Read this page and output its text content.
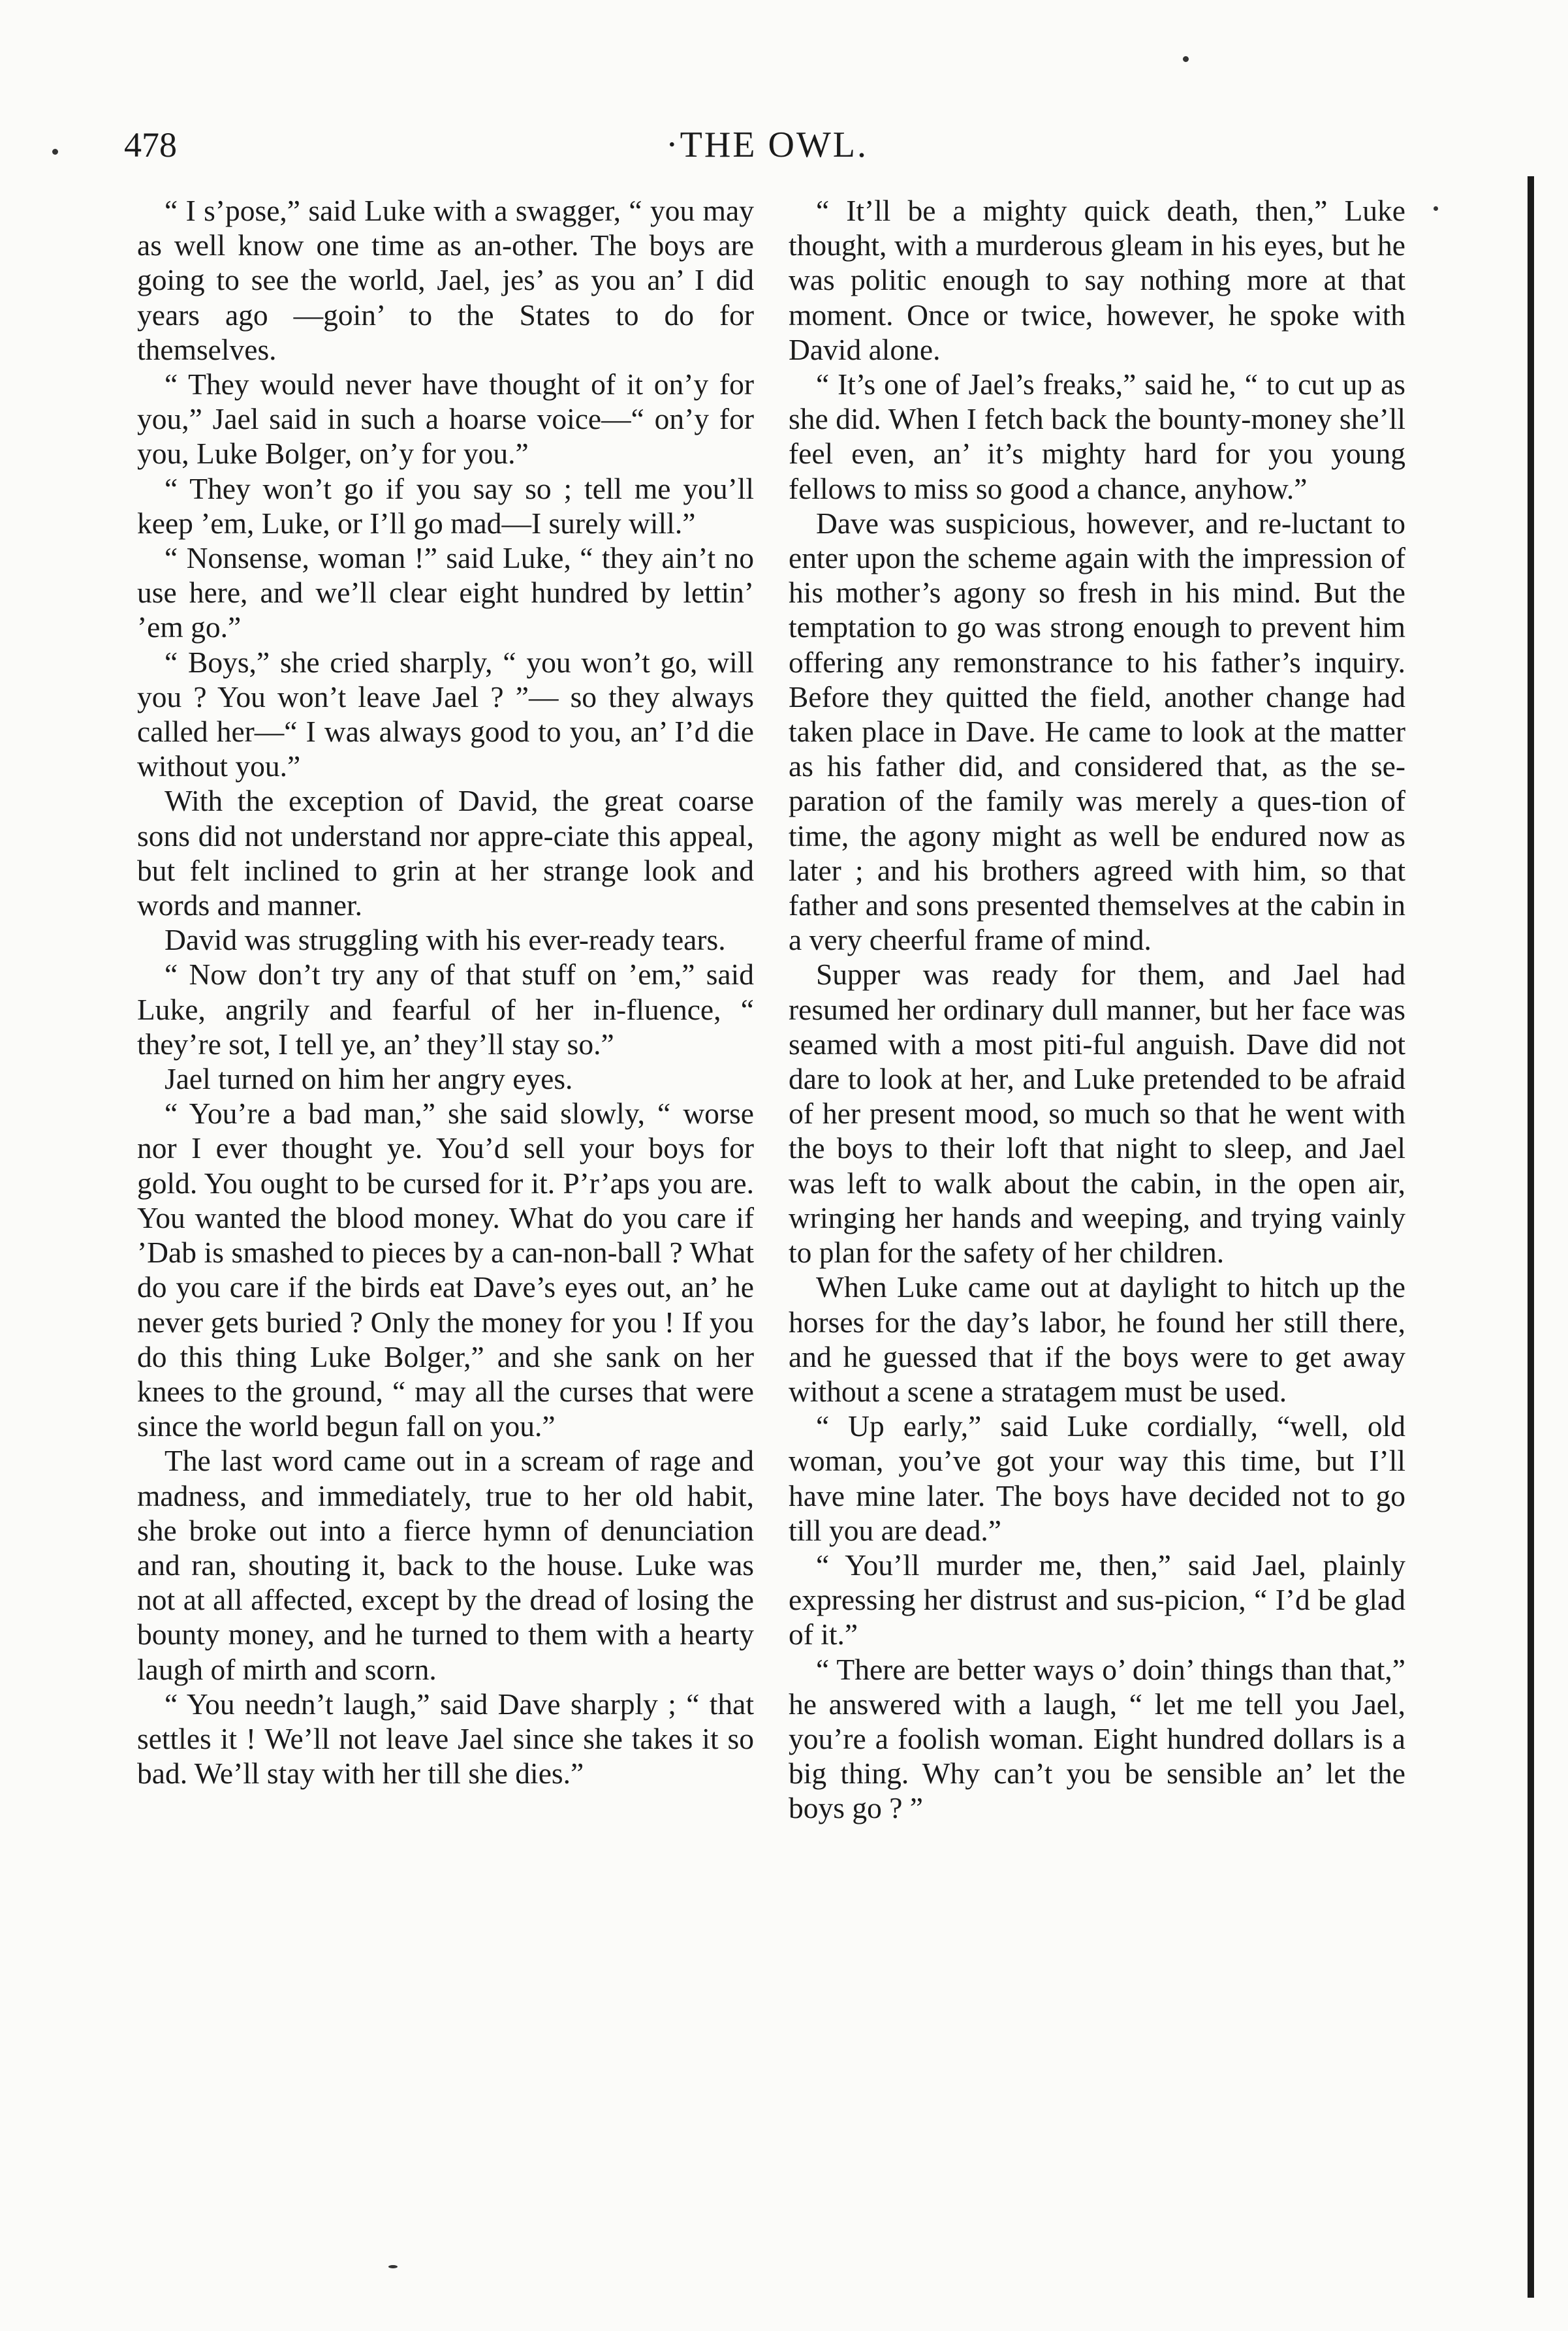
478	·THE OWL.

“ I s’pose,” said Luke with a swagger, “ you may as well know one time as an-other. The boys are going to see the world, Jael, jes’ as you an’ I did years ago —goin’ to the States to do for themselves.

“ They would never have thought of it on’y for you,” Jael said in such a hoarse voice—“ on’y for you, Luke Bolger, on’y for you.”

“ They won’t go if you say so ; tell me you’ll keep ’em, Luke, or I’ll go mad—I surely will.”

“ Nonsense, woman !” said Luke, “ they ain’t no use here, and we’ll clear eight hundred by lettin’ ’em go.”

“ Boys,” she cried sharply, “ you won’t go, will you ? You won’t leave Jael ? ”— so they always called her—“ I was always good to you, an’ I’d die without you.”

With the exception of David, the great coarse sons did not understand nor appre-ciate this appeal, but felt inclined to grin at her strange look and words and manner.

David was struggling with his ever-ready tears.

“ Now don’t try any of that stuff on ’em,” said Luke, angrily and fearful of her in-fluence, “ they’re sot, I tell ye, an’ they’ll stay so.”

Jael turned on him her angry eyes.

“ You’re a bad man,” she said slowly, “ worse nor I ever thought ye. You’d sell your boys for gold. You ought to be cursed for it. P’r’aps you are. You wanted the blood money. What do you care if ’Dab is smashed to pieces by a can-non-ball ? What do you care if the birds eat Dave’s eyes out, an’ he never gets buried ? Only the money for you ! If you do this thing Luke Bolger,” and she sank on her knees to the ground, “ may all the curses that were since the world begun fall on you.”

The last word came out in a scream of rage and madness, and immediately, true to her old habit, she broke out into a fierce hymn of denunciation and ran, shouting it, back to the house. Luke was not at all affected, except by the dread of losing the bounty money, and he turned to them with a hearty laugh of mirth and scorn.

“ You needn’t laugh,” said Dave sharply ; “ that settles it ! We’ll not leave Jael since she takes it so bad. We’ll stay with her till she dies.”

“ It’ll be a mighty quick death, then,” Luke thought, with a murderous gleam in his eyes, but he was politic enough to say nothing more at that moment. Once or twice, however, he spoke with David alone.

“ It’s one of Jael’s freaks,” said he, “ to cut up as she did. When I fetch back the bounty-money she’ll feel even, an’ it’s mighty hard for you young fellows to miss so good a chance, anyhow.”

Dave was suspicious, however, and re-luctant to enter upon the scheme again with the impression of his mother’s agony so fresh in his mind. But the temptation to go was strong enough to prevent him offering any remonstrance to his father’s inquiry. Before they quitted the field, another change had taken place in Dave. He came to look at the matter as his father did, and considered that, as the se-paration of the family was merely a ques-tion of time, the agony might as well be endured now as later ; and his brothers agreed with him, so that father and sons presented themselves at the cabin in a very cheerful frame of mind.

Supper was ready for them, and Jael had resumed her ordinary dull manner, but her face was seamed with a most piti-ful anguish. Dave did not dare to look at her, and Luke pretended to be afraid of her present mood, so much so that he went with the boys to their loft that night to sleep, and Jael was left to walk about the cabin, in the open air, wringing her hands and weeping, and trying vainly to plan for the safety of her children.

When Luke came out at daylight to hitch up the horses for the day’s labor, he found her still there, and he guessed that if the boys were to get away without a scene a stratagem must be used.

“ Up early,” said Luke cordially, “well, old woman, you’ve got your way this time, but I’ll have mine later. The boys have decided not to go till you are dead.”

“ You’ll murder me, then,” said Jael, plainly expressing her distrust and sus-picion, “ I’d be glad of it.”

“ There are better ways o’ doin’ things than that,” he answered with a laugh, “ let me tell you Jael, you’re a foolish woman. Eight hundred dollars is a big thing. Why can’t you be sensible an’ let the boys go ? ”
